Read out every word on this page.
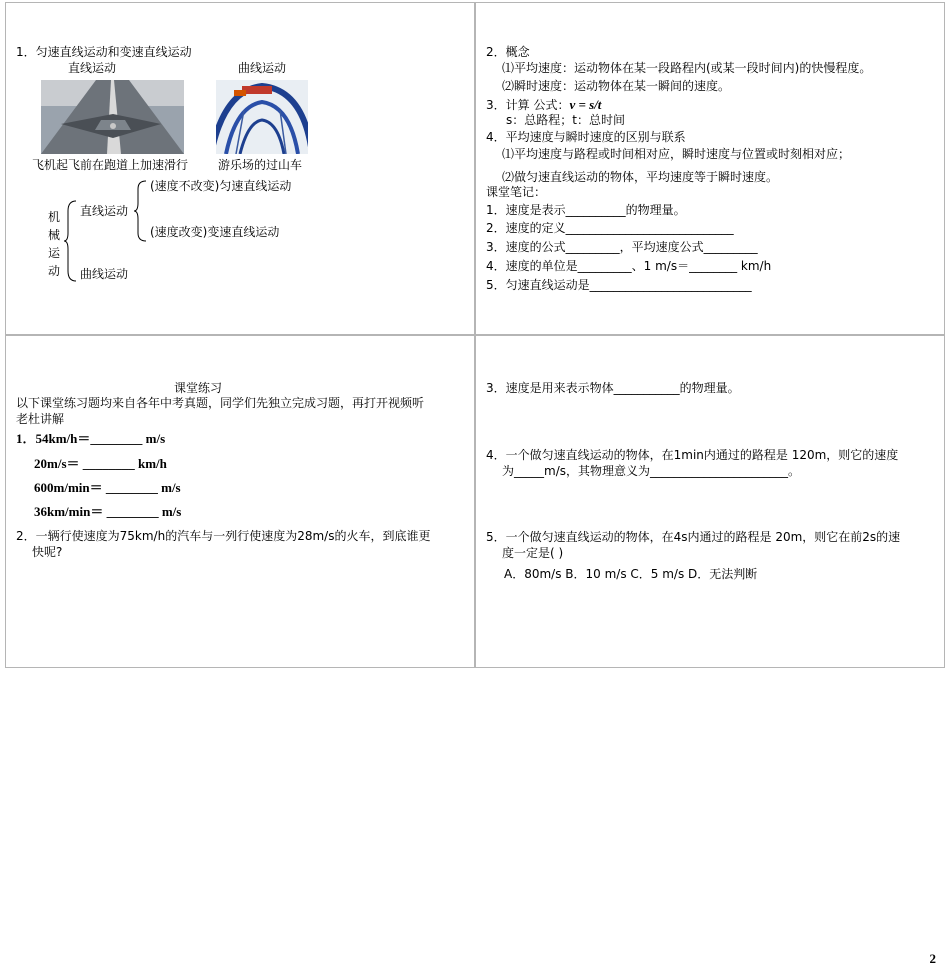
1．匀速直线运动和变速直线运动
直线运动	曲线运动
飞机起飞前在跑道上加速滑行 游乐场的过山车
机
械
运
动
直线运动
(速度不改变)匀速直线运动
(速度改变)变速直线运动
曲线运动
2．概念
⑴平均速度：运动物体在某一段路程内(或某一段时间内)的快慢程度。
⑵瞬时速度：运动物体在某一瞬间的速度。
3．计算 公式：v = s/t
s：总路程；t：总时间
4．平均速度与瞬时速度的区别与联系
⑴平均速度与路程或时间相对应，瞬时速度与位置或时刻相对应；
⑵做匀速直线运动的物体，平均速度等于瞬时速度。
课堂笔记：
1．速度是表示__________的物理量。
2．速度的定义____________________________
3．速度的公式_________，平均速度公式_________
4．速度的单位是_________、1 m/s＝________ km/h
5．匀速直线运动是___________________________
课堂练习
以下课堂练习题均来自各年中考真题，同学们先独立完成习题，再打开视频听
老杜讲解
1．54km/h＝________ m/s
20m/s＝ ________ km/h
600m/min＝ ________ m/s
36km/min＝ ________ m/s
2．一辆行使速度为75km/h的汽车与一列行使速度为28m/s的火车，到底谁更
快呢?
3．速度是用来表示物体___________的物理量。
4．一个做匀速直线运动的物体，在1min内通过的路程是 120m，则它的速度
为_____m/s，其物理意义为_______________________。
5．一个做匀速直线运动的物体，在4s内通过的路程是 20m，则它在前2s的速
度一定是( )
A．80m/s B．10 m/s C．5 m/s D．无法判断
2
